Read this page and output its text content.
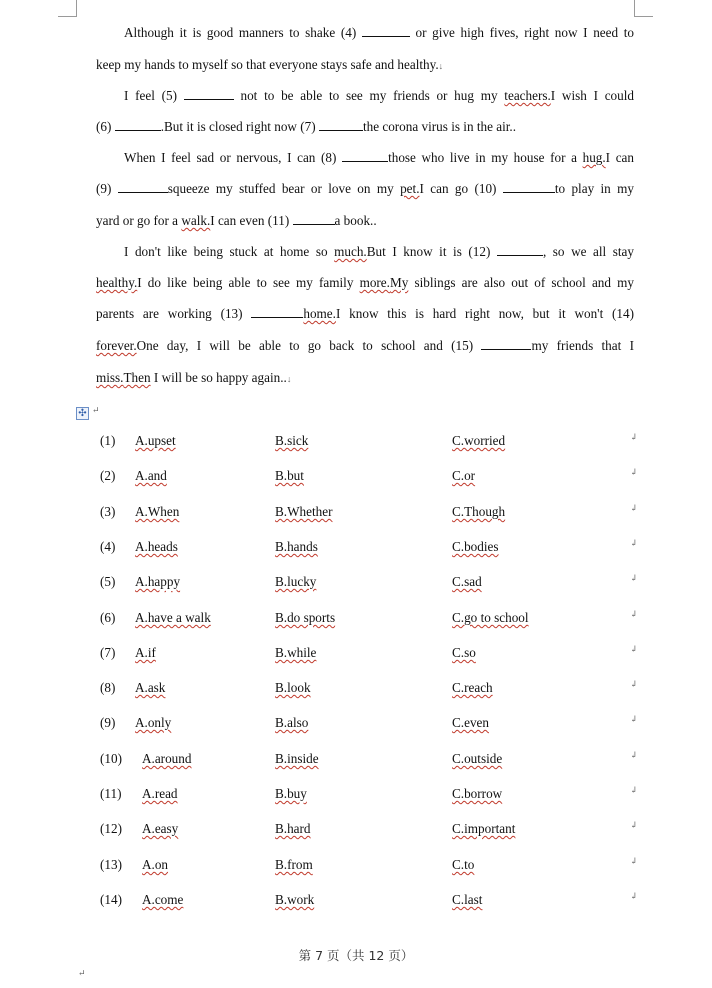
Although it is good manners to shake (4)	or give high fives, right now I need to
keep my hands to myself so that everyone stays safe and healthy.↓
I feel (5)	not to be able to see my friends or hug my teachers.I wish I could
(6)	.But it is closed right now (7)	the corona virus is in the air..
When I feel sad or nervous, I can (8)	those who live in my house for a hug.I can
(9)	squeeze my stuffed bear or love on my pet.I can go (10)	to play in my
yard or go for a walk.I can even (11)	a book..
I don't like being stuck at home so much.But I know it is (12)	, so we all stay
healthy.I do like being able to see my family more.My siblings are also out of school and my
parents are working (13)	home.I know this is hard right now, but it won't (14)
forever.One day, I will be able to go back to school and (15)	my friends that I
miss.Then I will be so happy again..↓
✣ ↵
(1) A.upset	B.sick	C.worried	↲
(2) A.and	B.but	C.or	↲
(3) A.When	B.Whether	C.Though	↲
(4) A.heads	B.hands	C.bodies	↲
(5) A.happy	B.lucky	C.sad	↲
(6) A.have a walk	B.do sports	C.go to school	↲
(7) A.if	B.while	C.so	↲
(8) A.ask	B.look	C.reach	↲
(9) A.only	B.also	C.even	↲
(10) A.around	B.inside	C.outside	↲
(11) A.read	B.buy	C.borrow	↲
(12) A.easy	B.hard	C.important	↲
(13) A.on	B.from	C.to	↲
(14) A.come	B.work	C.last	↲
第 7 页（共 12 页）
↵
